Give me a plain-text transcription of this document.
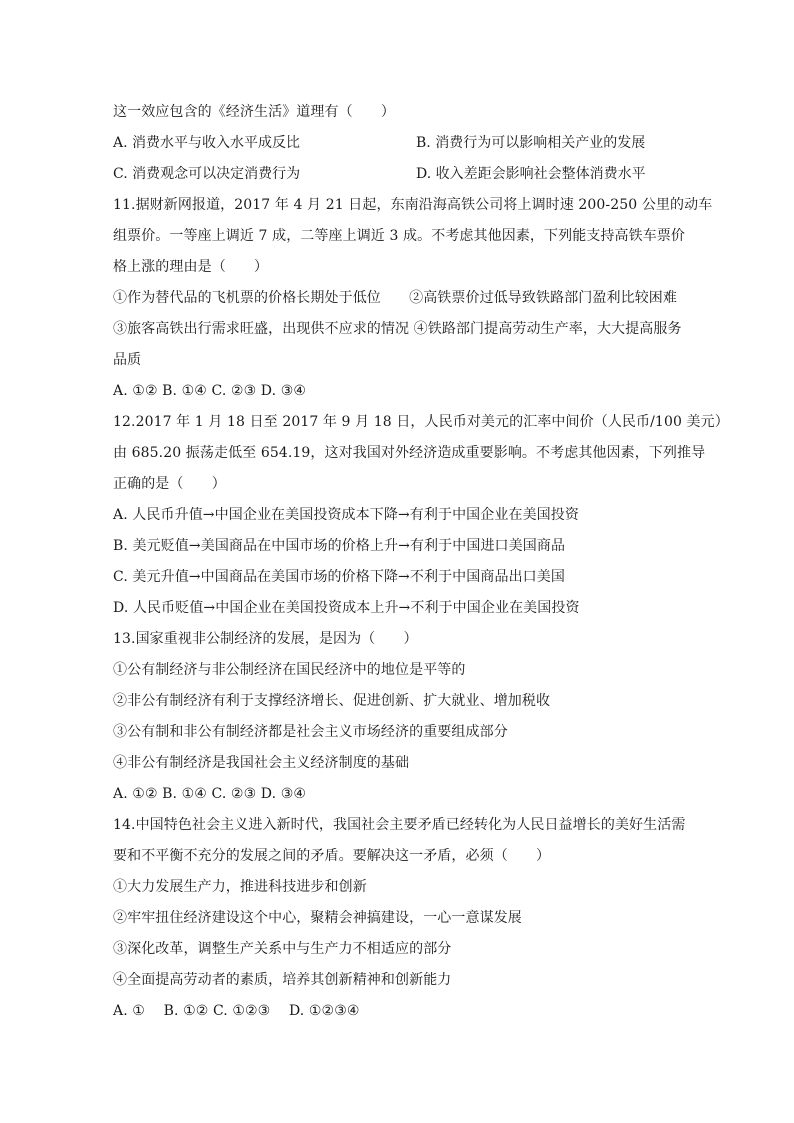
这一效应包含的《经济生活》道理有（　　）
A. 消费水平与收入水平成反比	B. 消费行为可以影响相关产业的发展
C. 消费观念可以决定消费行为	D. 收入差距会影响社会整体消费水平
11.据财新网报道，2017 年 4 月 21 日起，东南沿海高铁公司将上调时速 200-250 公里的动车
组票价。一等座上调近 7 成，二等座上调近 3 成。不考虑其他因素，下列能支持高铁车票价
格上涨的理由是（　　）
①作为替代品的飞机票的价格长期处于低位　　②高铁票价过低导致铁路部门盈利比较困难
③旅客高铁出行需求旺盛，出现供不应求的情况 ④铁路部门提高劳动生产率，大大提高服务
品质
A. ①② B. ①④ C. ②③ D. ③④
12.2017 年 1 月 18 日至 2017 年 9 月 18 日，人民币对美元的汇率中间价（人民币/100 美元）
由 685.20 振荡走低至 654.19，这对我国对外经济造成重要影响。不考虑其他因素，下列推导
正确的是（　　）
A. 人民币升值→中国企业在美国投资成本下降→有利于中国企业在美国投资
B. 美元贬值→美国商品在中国市场的价格上升→有利于中国进口美国商品
C. 美元升值→中国商品在美国市场的价格下降→不利于中国商品出口美国
D. 人民币贬值→中国企业在美国投资成本上升→不利于中国企业在美国投资
13.国家重视非公制经济的发展，是因为（　　）
①公有制经济与非公制经济在国民经济中的地位是平等的
②非公有制经济有利于支撑经济增长、促进创新、扩大就业、增加税收
③公有制和非公有制经济都是社会主义市场经济的重要组成部分
④非公有制经济是我国社会主义经济制度的基础
A. ①② B. ①④ C. ②③ D. ③④
14.中国特色社会主义进入新时代，我国社会主要矛盾已经转化为人民日益增长的美好生活需
要和不平衡不充分的发展之间的矛盾。要解决这一矛盾，必须（　　）
①大力发展生产力，推进科技进步和创新
②牢牢扭住经济建设这个中心，聚精会神搞建设，一心一意谋发展
③深化改革，调整生产关系中与生产力不相适应的部分
④全面提高劳动者的素质，培养其创新精神和创新能力
A. ①　 B. ①② C. ①②③　 D. ①②③④
